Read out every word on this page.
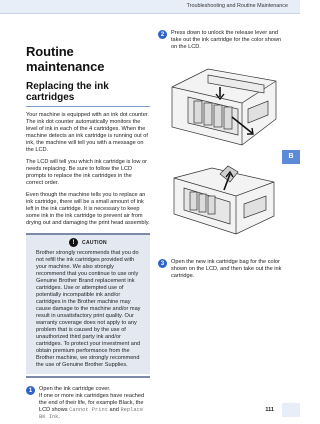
Troubleshooting and Routine Maintenance
B
111
Routine maintenance
Replacing the ink cartridges

Your machine is equipped with an ink dot counter. The ink dot counter automatically monitors the level of ink in each of the 4 cartridges. When the machine detects an ink cartridge is running out of ink, the machine will tell you with a message on the LCD.

The LCD will tell you which ink cartridge is low or needs replacing. Be sure to follow the LCD prompts to replace the ink cartridges in the correct order.

Even though the machine tells you to replace an ink cartridge, there will be a small amount of ink left in the ink cartridge. It is necessary to keep some ink in the ink cartridge to prevent air from drying out and damaging the print head assembly.

!	CAUTION

Brother strongly recommends that you do not refill the ink cartridges provided with your machine. We also strongly recommend that you continue to use only Genuine Brother Brand replacement ink cartridges. Use or attempted use of potentially incompatible ink and/or cartridges in the Brother machine may cause damage to the machine and/or may result in unsatisfactory print quality. Our warranty coverage does not apply to any problem that is caused by the use of unauthorized third party ink and/or cartridges. To protect your investment and obtain premium performance from the Brother machine, we strongly recommend the use of Genuine Brother Supplies.

1	Open the ink cartridge cover.
If one or more ink cartridges have reached the end of their life, for example Black, the LCD shows Cannot Print and Replace BK Ink.
2	Press down to unlock the release lever and take out the ink cartridge for the color shown on the LCD.

3	Open the new ink cartridge bag for the color shown on the LCD, and then take out the ink cartridge.
